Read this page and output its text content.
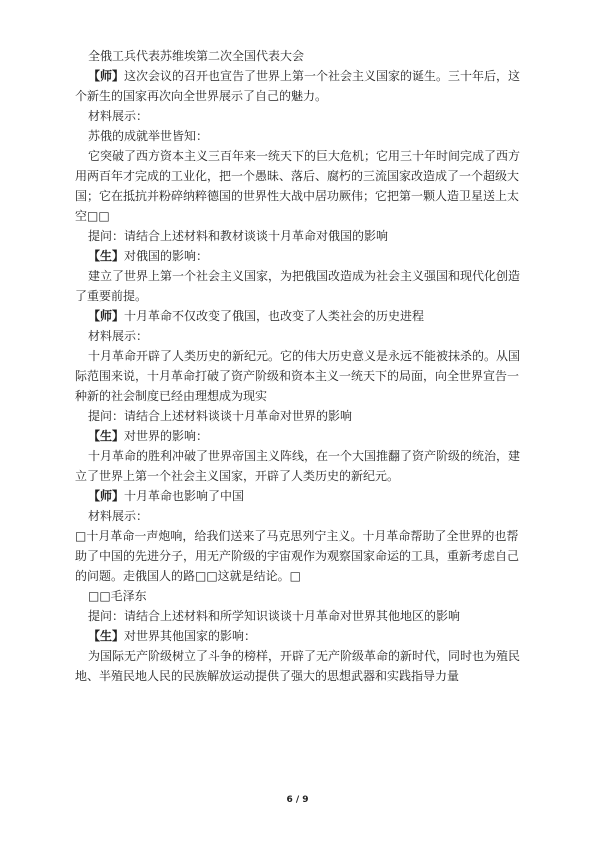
全俄工兵代表苏维埃第二次全国代表大会

【师】这次会议的召开也宣告了世界上第一个社会主义国家的诞生。三十年后，这个新生的国家再次向全世界展示了自己的魅力。

材料展示：

苏俄的成就举世皆知：

它突破了西方资本主义三百年来一统天下的巨大危机；它用三十年时间完成了西方用两百年才完成的工业化，把一个愚昧、落后、腐朽的三流国家改造成了一个超级大国；它在抵抗并粉碎纳粹德国的世界性大战中居功厥伟；它把第一颗人造卫星送上太空□□

提问：请结合上述材料和教材谈谈十月革命对俄国的影响

【生】对俄国的影响：

建立了世界上第一个社会主义国家，为把俄国改造成为社会主义强国和现代化创造了重要前提。

【师】十月革命不仅改变了俄国，也改变了人类社会的历史进程

材料展示：

十月革命开辟了人类历史的新纪元。它的伟大历史意义是永远不能被抹杀的。从国际范围来说，十月革命打破了资产阶级和资本主义一统天下的局面，向全世界宣告一种新的社会制度已经由理想成为现实

提问：请结合上述材料谈谈十月革命对世界的影响

【生】对世界的影响：

十月革命的胜利冲破了世界帝国主义阵线，在一个大国推翻了资产阶级的统治，建立了世界上第一个社会主义国家，开辟了人类历史的新纪元。

【师】十月革命也影响了中国

材料展示：

□十月革命一声炮响，给我们送来了马克思列宁主义。十月革命帮助了全世界的也帮助了中国的先进分子，用无产阶级的宇宙观作为观察国家命运的工具，重新考虑自己的问题。走俄国人的路□□这就是结论。□

□□毛泽东

提问：请结合上述材料和所学知识谈谈十月革命对世界其他地区的影响

【生】对世界其他国家的影响：

为国际无产阶级树立了斗争的榜样，开辟了无产阶级革命的新时代，同时也为殖民地、半殖民地人民的民族解放运动提供了强大的思想武器和实践指导力量

6 / 9
